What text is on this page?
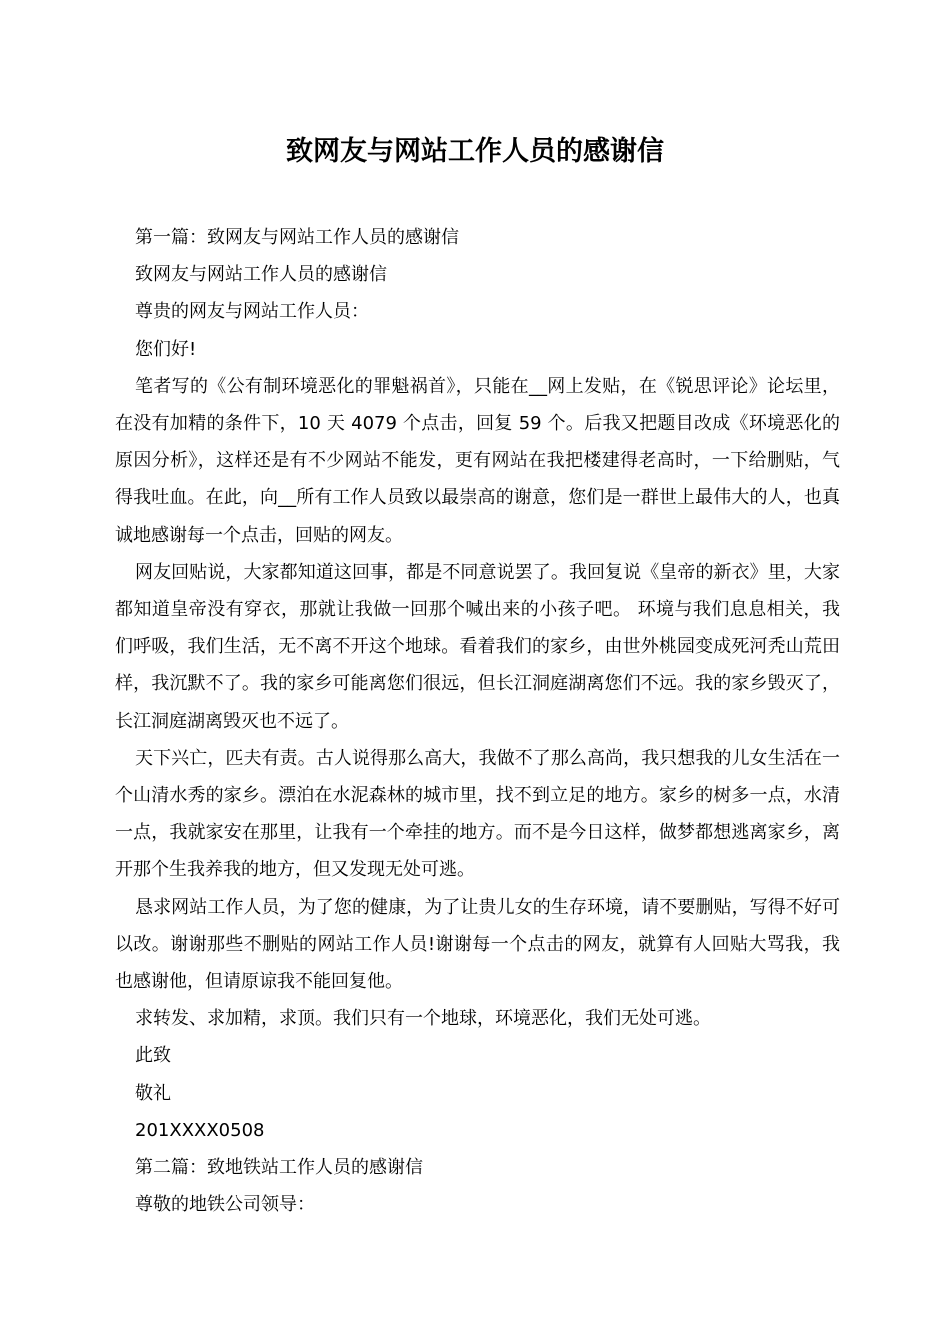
致网友与网站工作人员的感谢信

第一篇：致网友与网站工作人员的感谢信

致网友与网站工作人员的感谢信

尊贵的网友与网站工作人员：

您们好!

笔者写的《公有制环境恶化的罪魁祸首》，只能在__网上发贴，在《锐思评论》论坛里，在没有加精的条件下，10 天 4079 个点击，回复 59 个。后我又把题目改成《环境恶化的原因分析》，这样还是有不少网站不能发，更有网站在我把楼建得老高时，一下给删贴，气得我吐血。在此，向__所有工作人员致以最崇高的谢意，您们是一群世上最伟大的人，也真诚地感谢每一个点击，回贴的网友。

网友回贴说，大家都知道这回事，都是不同意说罢了。我回复说《皇帝的新衣》里，大家都知道皇帝没有穿衣，那就让我做一回那个喊出来的小孩子吧。 环境与我们息息相关，我们呼吸，我们生活，无不离不开这个地球。看着我们的家乡，由世外桃园变成死河秃山荒田样，我沉默不了。我的家乡可能离您们很远，但长江洞庭湖离您们不远。我的家乡毁灭了，长江洞庭湖离毁灭也不远了。

天下兴亡，匹夫有责。古人说得那么高大，我做不了那么高尚，我只想我的儿女生活在一个山清水秀的家乡。漂泊在水泥森林的城市里，找不到立足的地方。家乡的树多一点，水清一点，我就家安在那里，让我有一个牵挂的地方。而不是今日这样，做梦都想逃离家乡，离开那个生我养我的地方，但又发现无处可逃。

恳求网站工作人员，为了您的健康，为了让贵儿女的生存环境，请不要删贴，写得不好可以改。谢谢那些不删贴的网站工作人员!谢谢每一个点击的网友，就算有人回贴大骂我，我也感谢他，但请原谅我不能回复他。

求转发、求加精，求顶。我们只有一个地球，环境恶化，我们无处可逃。

此致

敬礼

201XXXX0508

第二篇：致地铁站工作人员的感谢信

尊敬的地铁公司领导：
